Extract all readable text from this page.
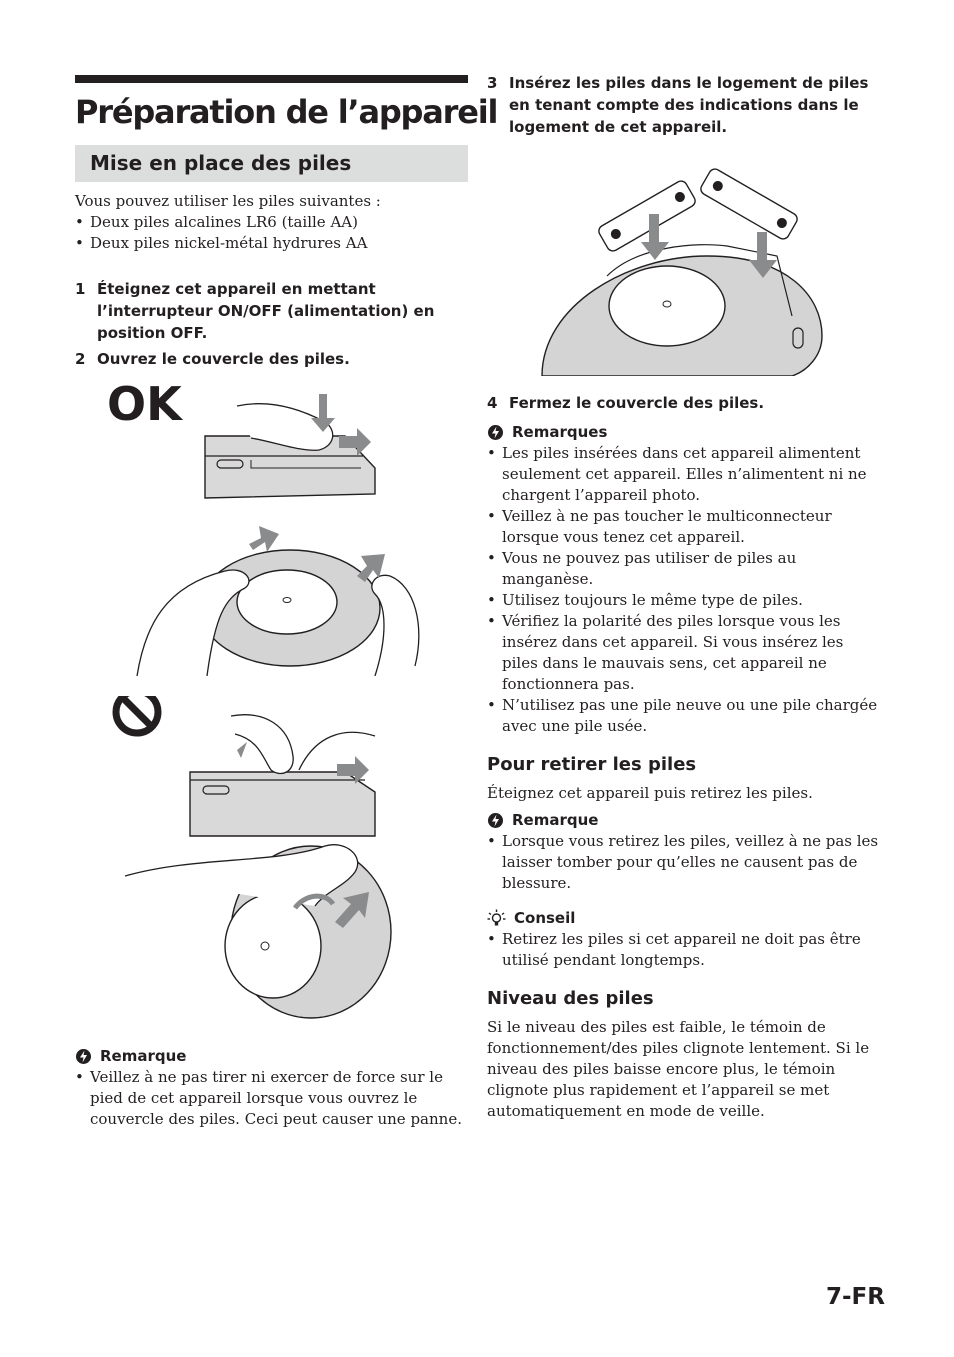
Préparation de l’appareil
Mise en place des piles
Vous pouvez utiliser les piles suivantes :
• Deux piles alcalines LR6 (taille AA)
• Deux piles nickel-métal hydrures AA
1 Éteignez cet appareil en mettant l’interrupteur ON/OFF (alimentation) en position OFF.
2 Ouvrez le couvercle des piles.
OK
Remarque
• Veillez à ne pas tirer ni exercer de force sur le pied de cet appareil lorsque vous ouvrez le couvercle des piles. Ceci peut causer une panne.
3 Insérez les piles dans le logement de piles en tenant compte des indications dans le logement de cet appareil.
4 Fermez le couvercle des piles.
Remarques
• Les piles insérées dans cet appareil alimentent seulement cet appareil. Elles n’alimentent ni ne chargent l’appareil photo.
• Veillez à ne pas toucher le multiconnecteur lorsque vous tenez cet appareil.
• Vous ne pouvez pas utiliser de piles au manganèse.
• Utilisez toujours le même type de piles.
• Vérifiez la polarité des piles lorsque vous les insérez dans cet appareil. Si vous insérez les piles dans le mauvais sens, cet appareil ne fonctionnera pas.
• N’utilisez pas une pile neuve ou une pile chargée avec une pile usée.
Pour retirer les piles
Éteignez cet appareil puis retirez les piles.
Remarque
• Lorsque vous retirez les piles, veillez à ne pas les laisser tomber pour qu’elles ne causent pas de blessure.
Conseil
• Retirez les piles si cet appareil ne doit pas être utilisé pendant longtemps.
Niveau des piles
Si le niveau des piles est faible, le témoin de fonctionnement/des piles clignote lentement. Si le niveau des piles baisse encore plus, le témoin clignote plus rapidement et l’appareil se met automatiquement en mode de veille.
7-FR
